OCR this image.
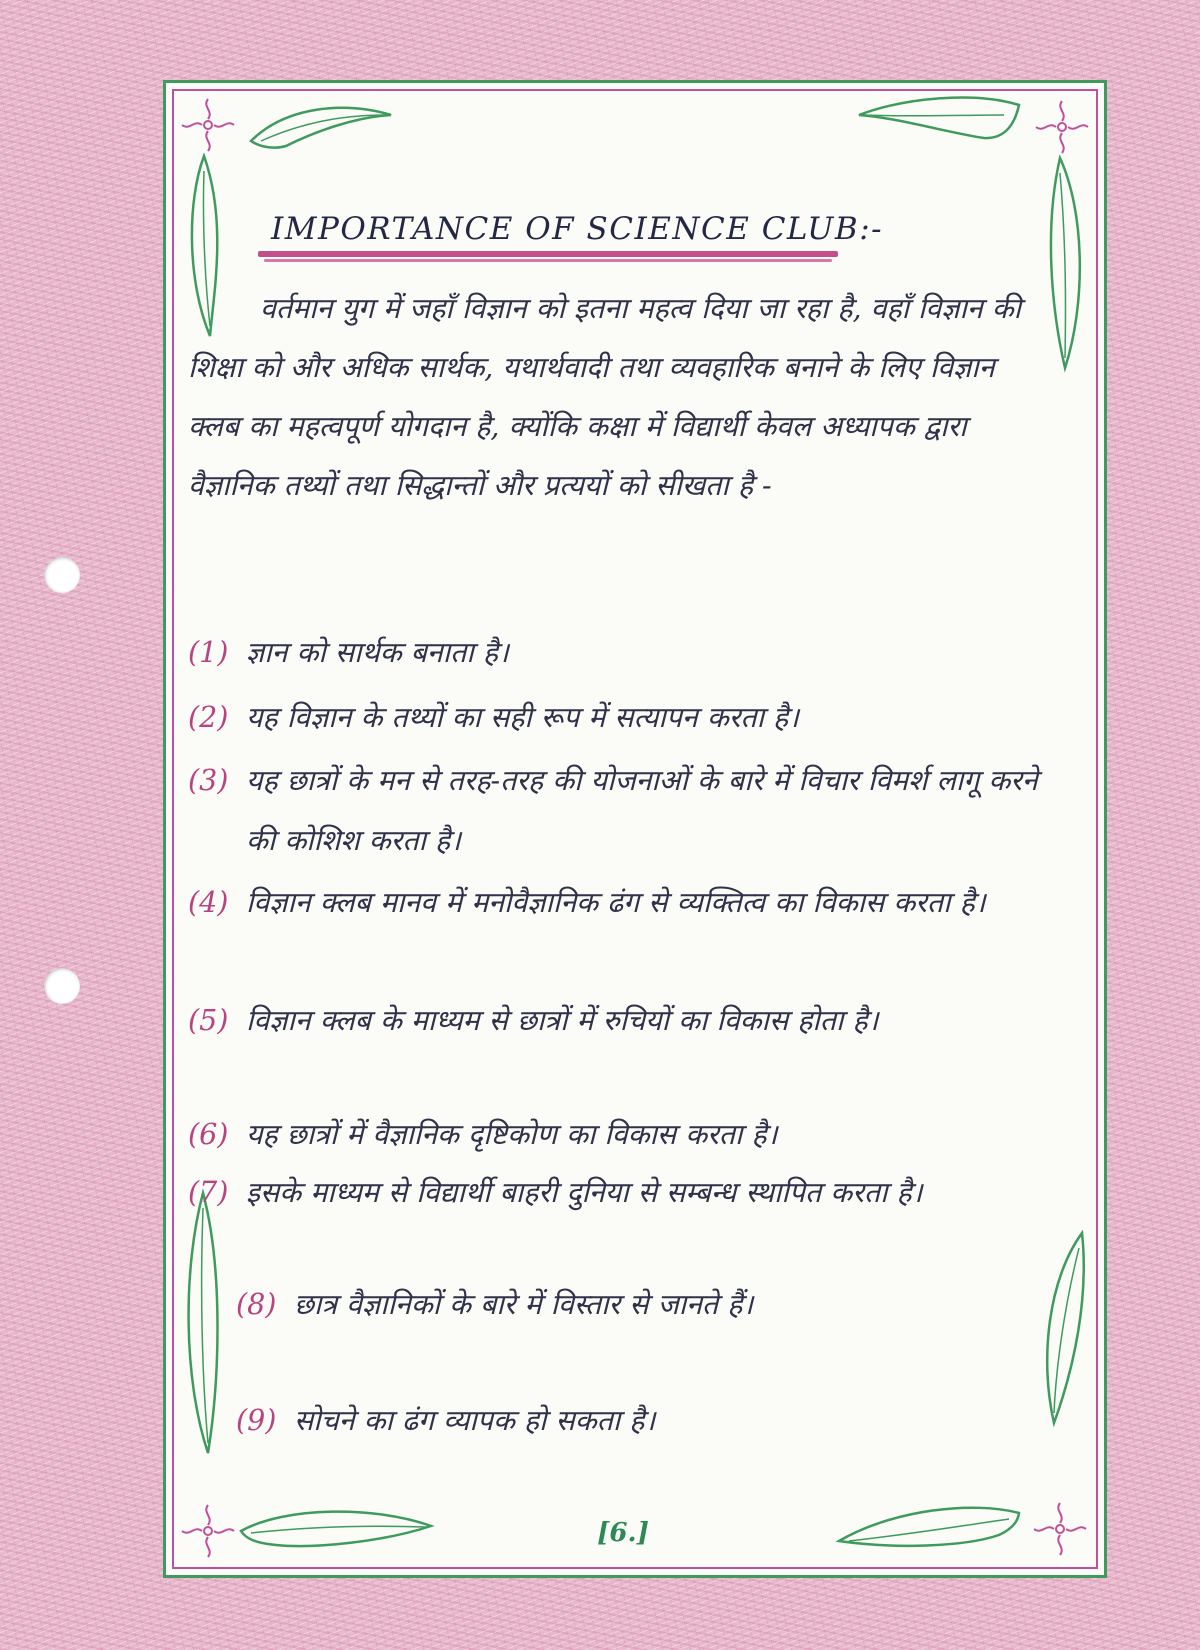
IMPORTANCE OF SCIENCE CLUB:-
वर्तमान युग में जहाँ विज्ञान को इतना महत्व दिया जा रहा है, वहाँ विज्ञान की शिक्षा को और अधिक सार्थक, यथार्थवादी तथा व्यवहारिक बनाने के लिए विज्ञान क्लब का महत्वपूर्ण योगदान है, क्योंकि कक्षा में विद्यार्थी केवल अध्यापक द्वारा वैज्ञानिक तथ्यों तथा सिद्धान्तों और प्रत्ययों को सीखता है -
(1) ज्ञान को सार्थक बनाता है।
(2) यह विज्ञान के तथ्यों का सही रूप में सत्यापन करता है।
(3) यह छात्रों के मन से तरह-तरह की योजनाओं के बारे में विचार विमर्श लागू करने की कोशिश करता है।
(4) विज्ञान क्लब मानव में मनोवैज्ञानिक ढंग से व्यक्तित्व का विकास करता है।
(5) विज्ञान क्लब के माध्यम से छात्रों में रुचियों का विकास होता है।
(6) यह छात्रों में वैज्ञानिक दृष्टिकोण का विकास करता है।
(7) इसके माध्यम से विद्यार्थी बाहरी दुनिया से सम्बन्ध स्थापित करता है।
(8) छात्र वैज्ञानिकों के बारे में विस्तार से जानते हैं।
(9) सोचने का ढंग व्यापक हो सकता है।
[6.]
